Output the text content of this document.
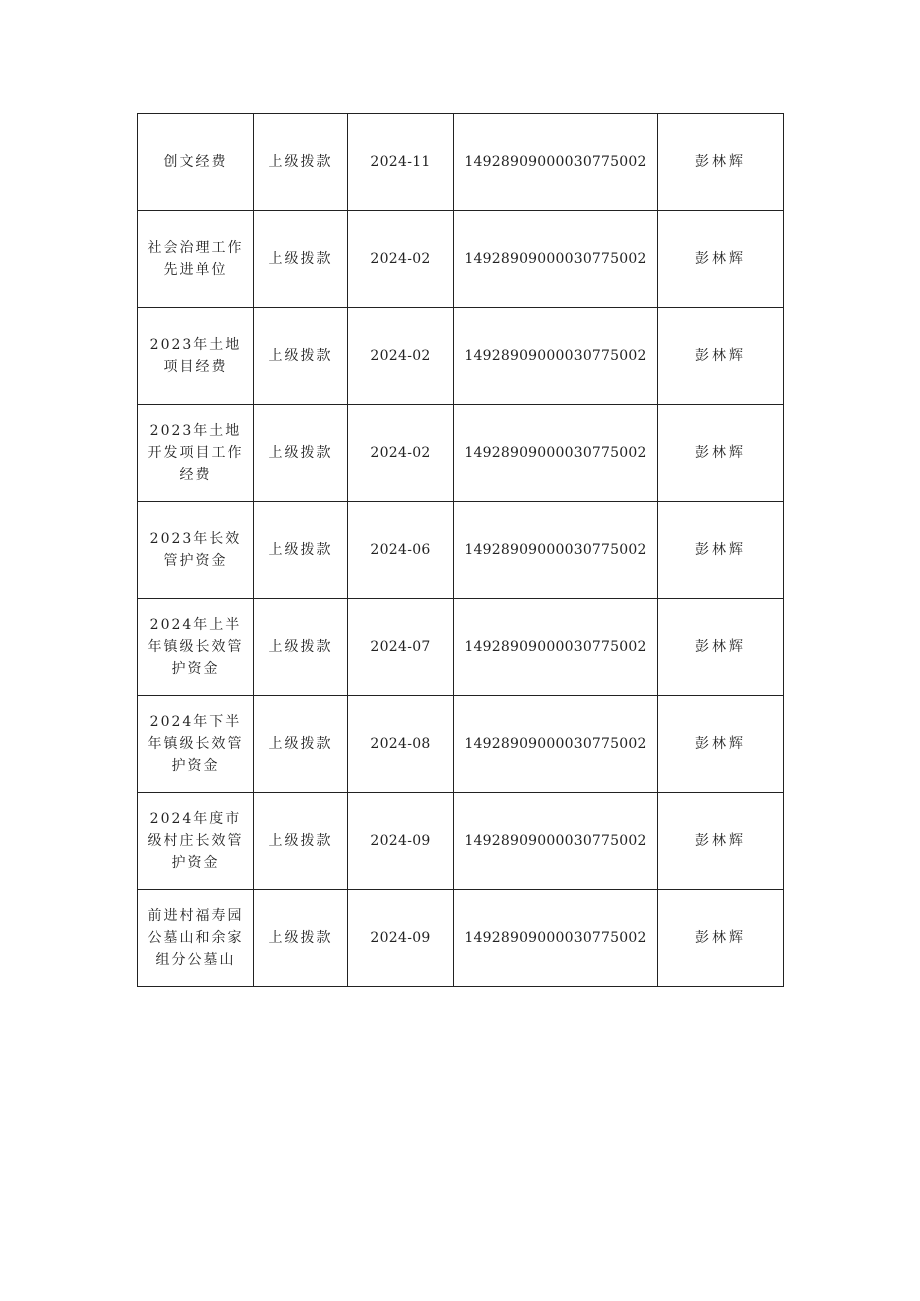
创文经费	上级拨款	2024-11	14928909000030775002	彭林辉
社会治理工作先进单位	上级拨款	2024-02	14928909000030775002	彭林辉
2023年土地项目经费	上级拨款	2024-02	14928909000030775002	彭林辉
2023年土地开发项目工作经费	上级拨款	2024-02	14928909000030775002	彭林辉
2023年长效管护资金	上级拨款	2024-06	14928909000030775002	彭林辉
2024年上半年镇级长效管护资金	上级拨款	2024-07	14928909000030775002	彭林辉
2024年下半年镇级长效管护资金	上级拨款	2024-08	14928909000030775002	彭林辉
2024年度市级村庄长效管护资金	上级拨款	2024-09	14928909000030775002	彭林辉
前进村福寿园公墓山和余家组分公墓山	上级拨款	2024-09	14928909000030775002	彭林辉
